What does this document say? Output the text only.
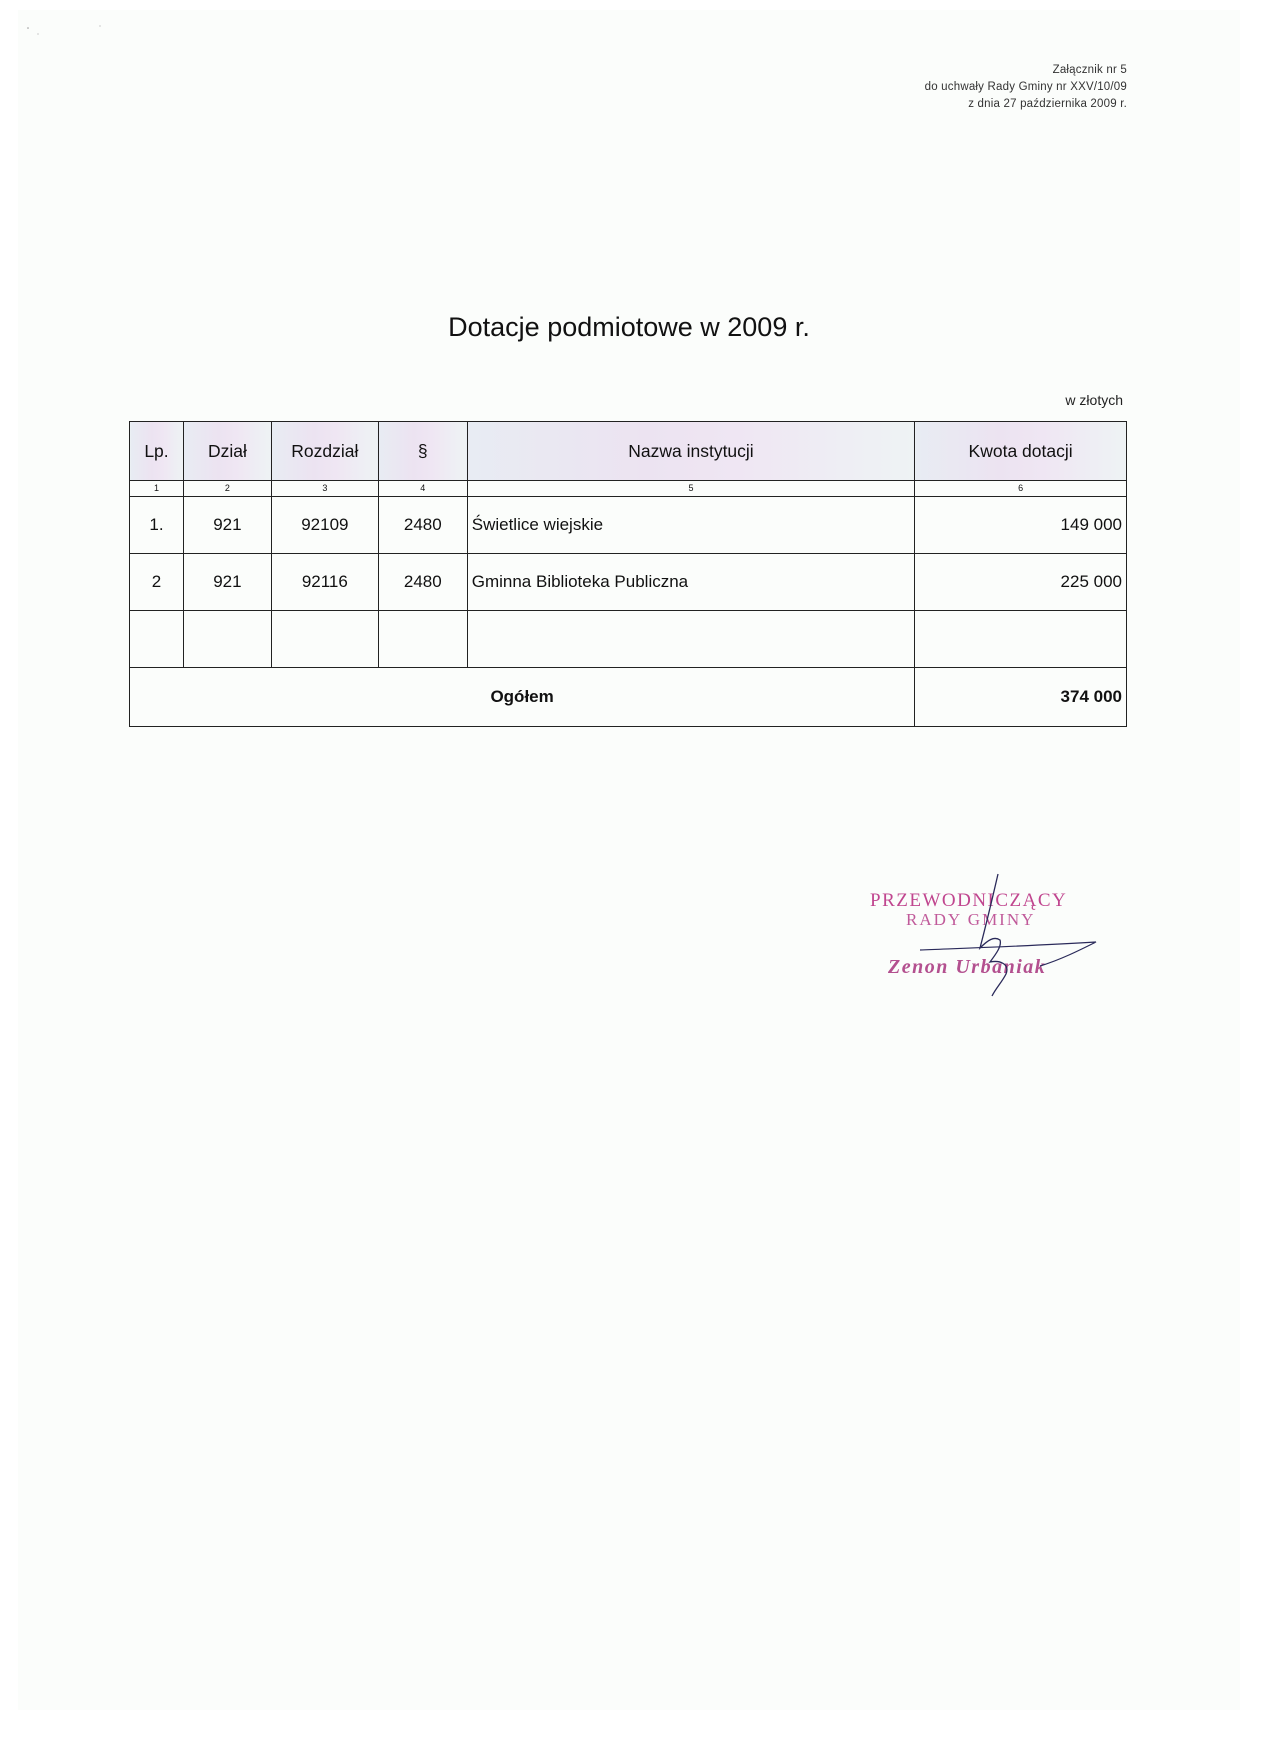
Załącznik nr 5
do uchwały Rady Gminy nr XXV/10/09
z dnia 27 października 2009 r.
Dotacje podmiotowe w 2009 r.
w złotych
Lp.	Dział	Rozdział	§	Nazwa instytucji	Kwota dotacji
1	2	3	4	5	6
1.	921	92109	2480	Świetlice wiejskie	149 000
2	921	92116	2480	Gminna Biblioteka Publiczna	225 000

Ogółem					374 000
PRZEWODNICZĄCY
RADY GMINY
Zenon Urbaniak
